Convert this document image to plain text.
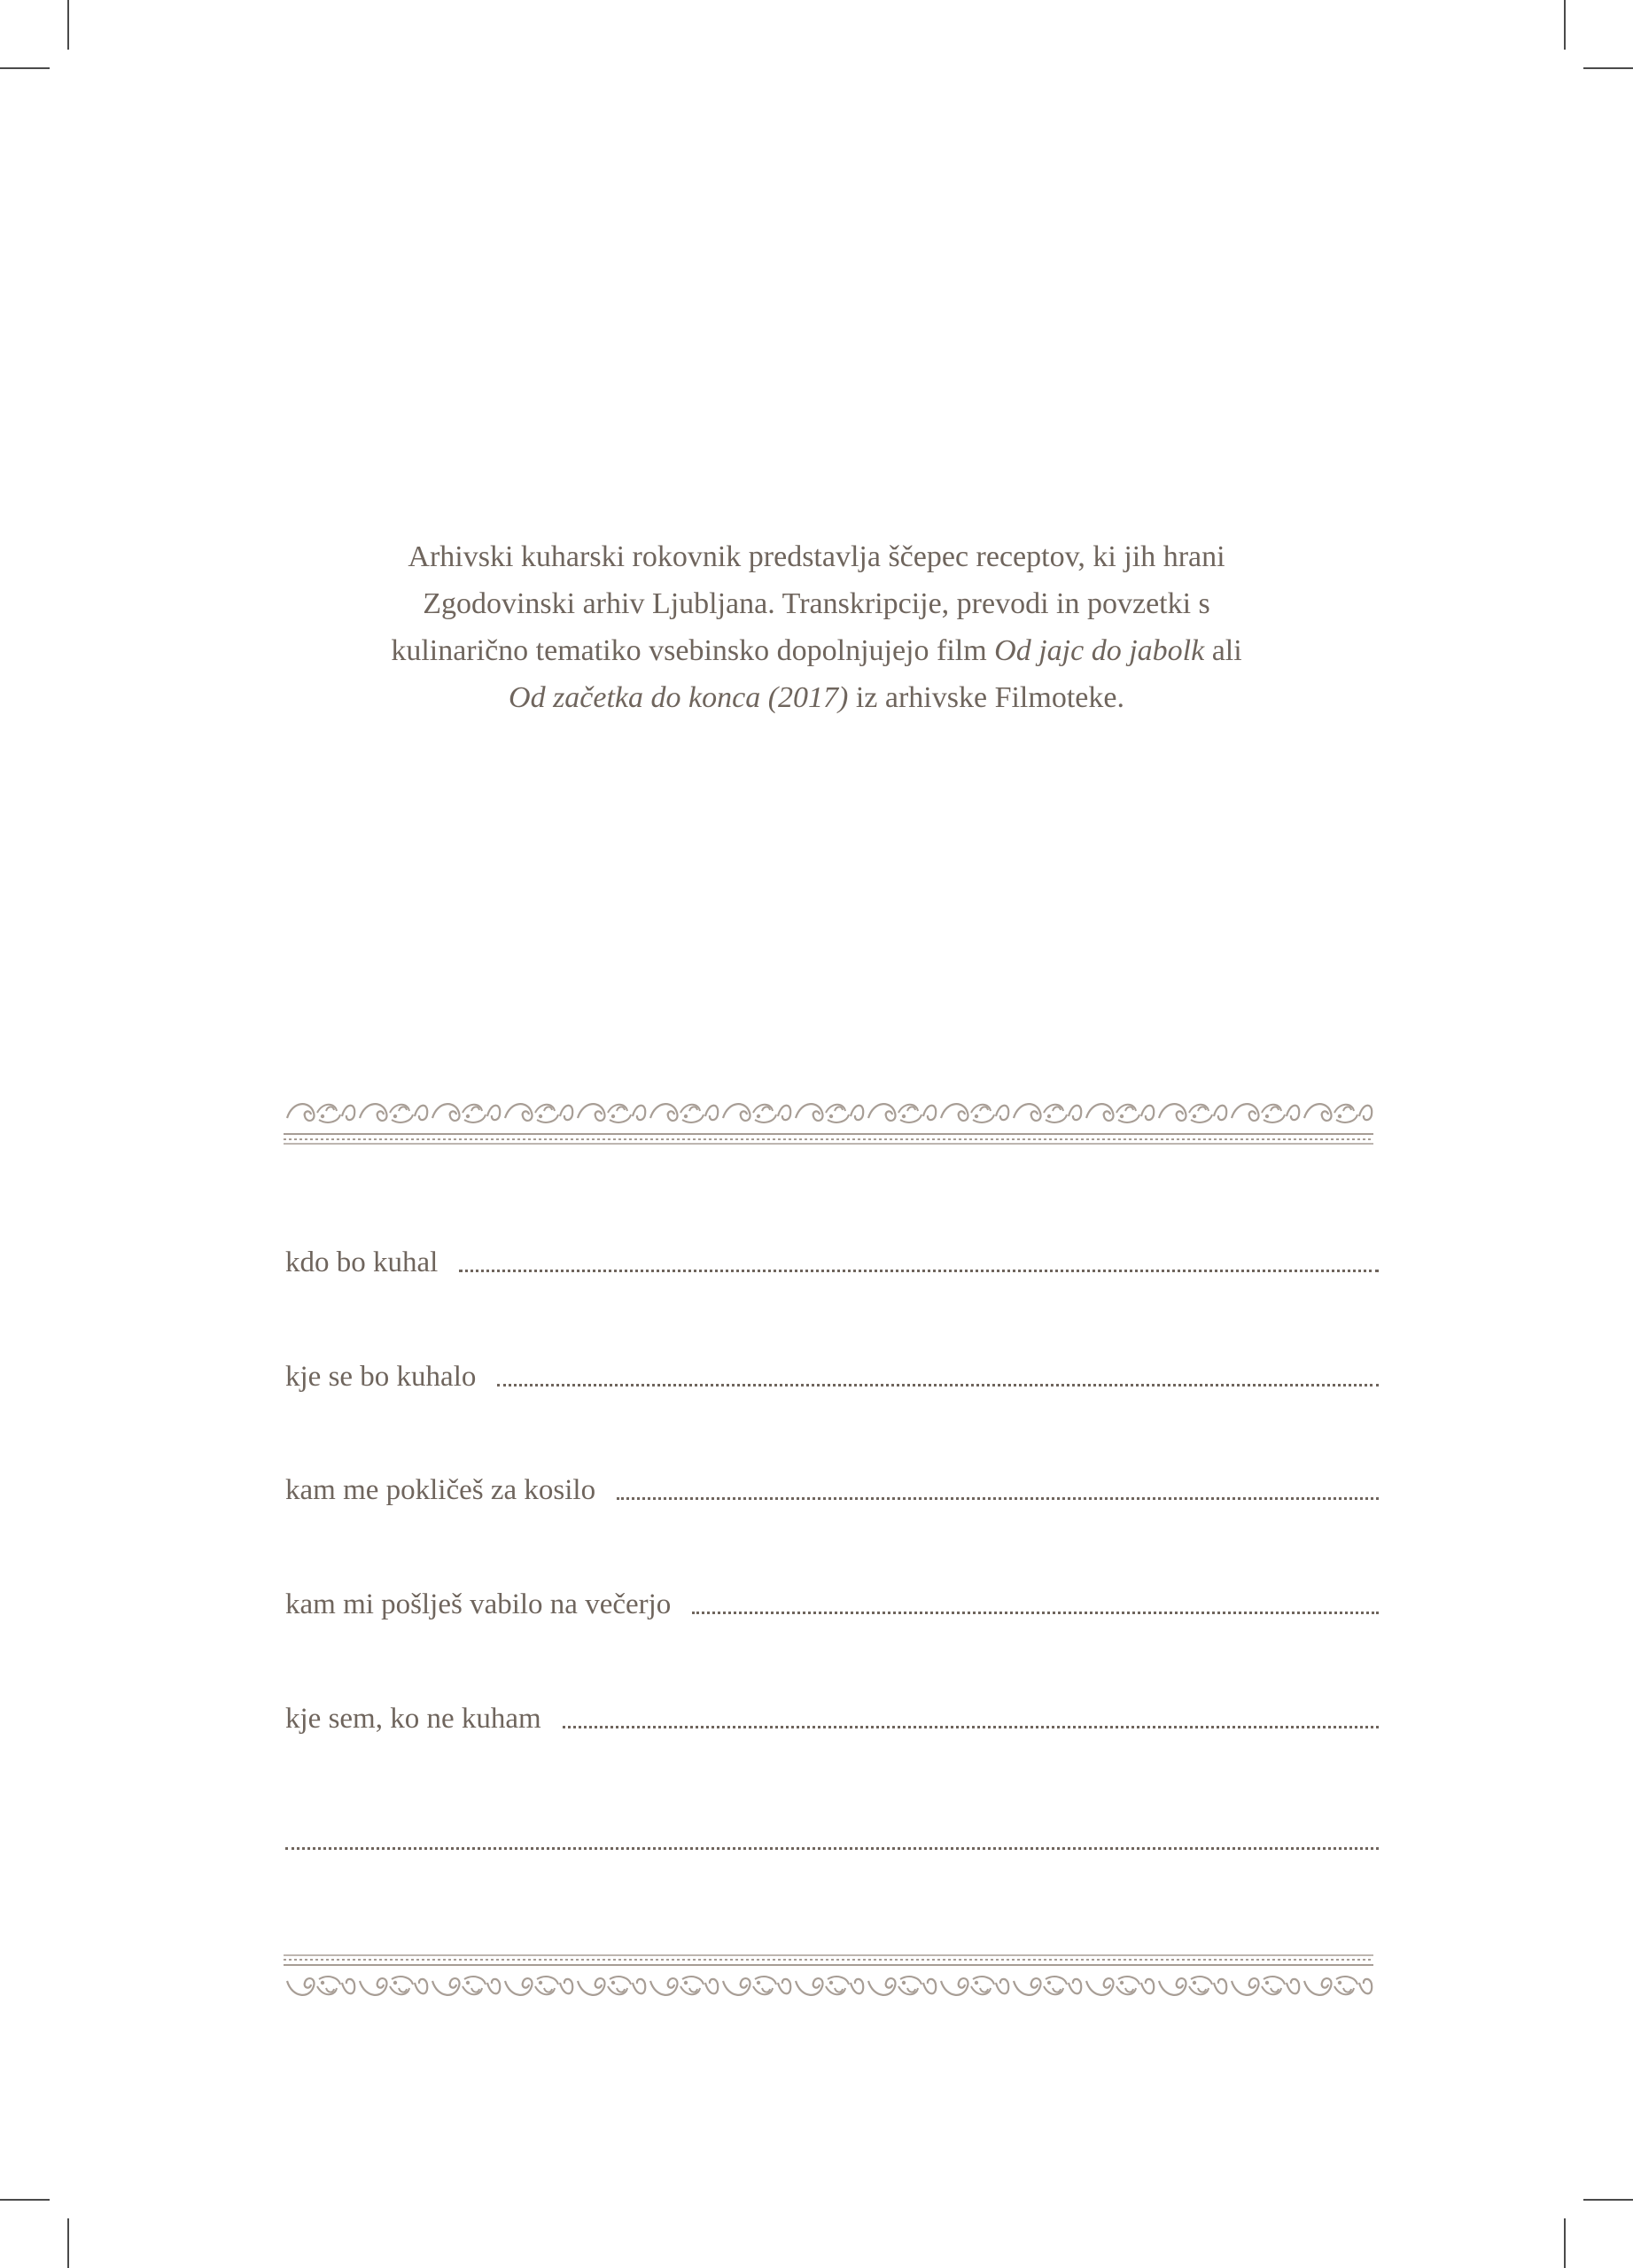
Arhivski kuharski rokovnik predstavlja ščepec receptov, ki jih hrani
Zgodovinski arhiv Ljubljana. Transkripcije, prevodi in povzetki s
kulinarično tematiko vsebinsko dopolnjujejo film Od jajc do jabolk ali
Od začetka do konca (2017) iz arhivske Filmoteke.

kdo bo kuhal
kje se bo kuhalo
kam me pokličeš za kosilo
kam mi pošlješ vabilo na večerjo
kje sem, ko ne kuham
